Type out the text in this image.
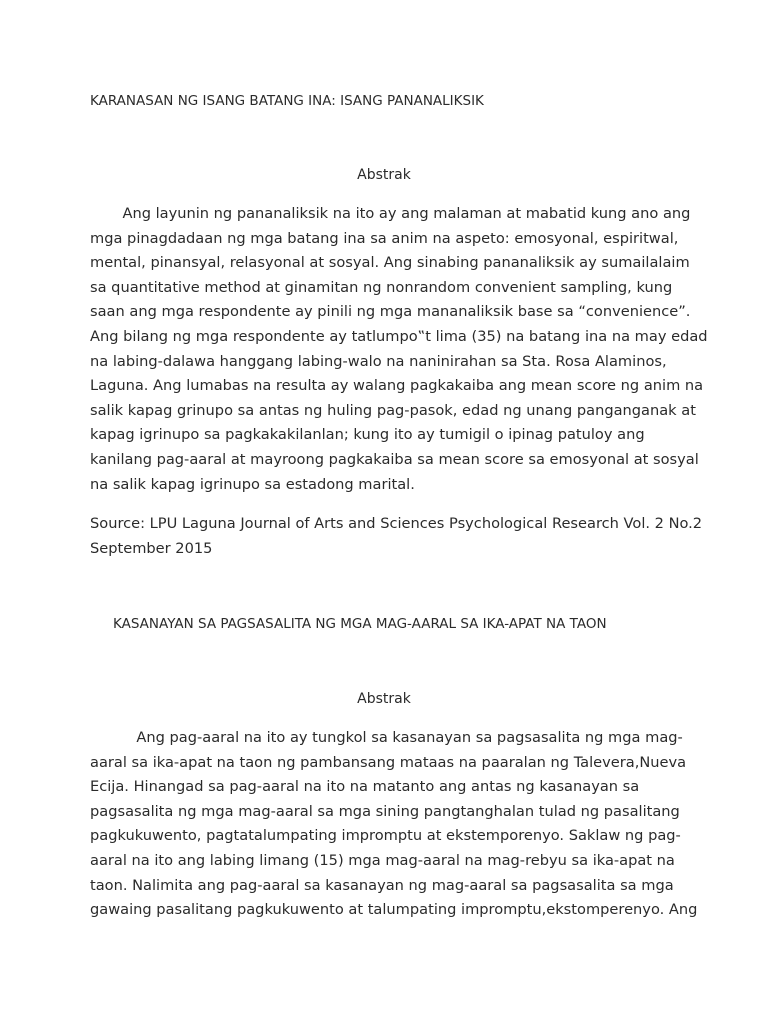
KARANASAN NG ISANG BATANG INA: ISANG PANANALIKSIK
Abstrak
Ang layunin ng pananaliksik na ito ay ang malaman at mabatid kung ano ang
mga pinagdadaan ng mga batang ina sa anim na aspeto: emosyonal, espiritwal,
mental, pinansyal, relasyonal at sosyal. Ang sinabing pananaliksik ay sumailalaim
sa quantitative method at ginamitan ng nonrandom convenient sampling, kung
saan ang mga respondente ay pinili ng mga mananaliksik base sa “convenience”.
Ang bilang ng mga respondente ay tatlumpo‟t lima (35) na batang ina na may edad
na labing-dalawa hanggang labing-walo na naninirahan sa Sta. Rosa Alaminos,
Laguna. Ang lumabas na resulta ay walang pagkakaiba ang mean score ng anim na
salik kapag grinupo sa antas ng huling pag-pasok, edad ng unang panganganak at
kapag igrinupo sa pagkakakilanlan; kung ito ay tumigil o ipinag patuloy ang
kanilang pag-aaral at mayroong pagkakaiba sa mean score sa emosyonal at sosyal
na salik kapag igrinupo sa estadong marital.
Source: LPU Laguna Journal of Arts and Sciences Psychological Research Vol. 2 No.2
September 2015
KASANAYAN SA PAGSASALITA NG MGA MAG-AARAL SA IKA-APAT NA TAON
Abstrak
Ang pag-aaral na ito ay tungkol sa kasanayan sa pagsasalita ng mga mag-
aaral sa ika-apat na taon ng pambansang mataas na paaralan ng Talevera,Nueva
Ecija. Hinangad sa pag-aaral na ito na matanto ang antas ng kasanayan sa
pagsasalita ng mga mag-aaral sa mga sining pangtanghalan tulad ng pasalitang
pagkukuwento, pagtatalumpating impromptu at ekstemporenyo. Saklaw ng pag-
aaral na ito ang labing limang (15) mga mag-aaral na mag-rebyu sa ika-apat na
taon. Nalimita ang pag-aaral sa kasanayan ng mag-aaral sa pagsasalita sa mga
gawaing pasalitang pagkukuwento at talumpating impromptu,ekstomperenyo. Ang
